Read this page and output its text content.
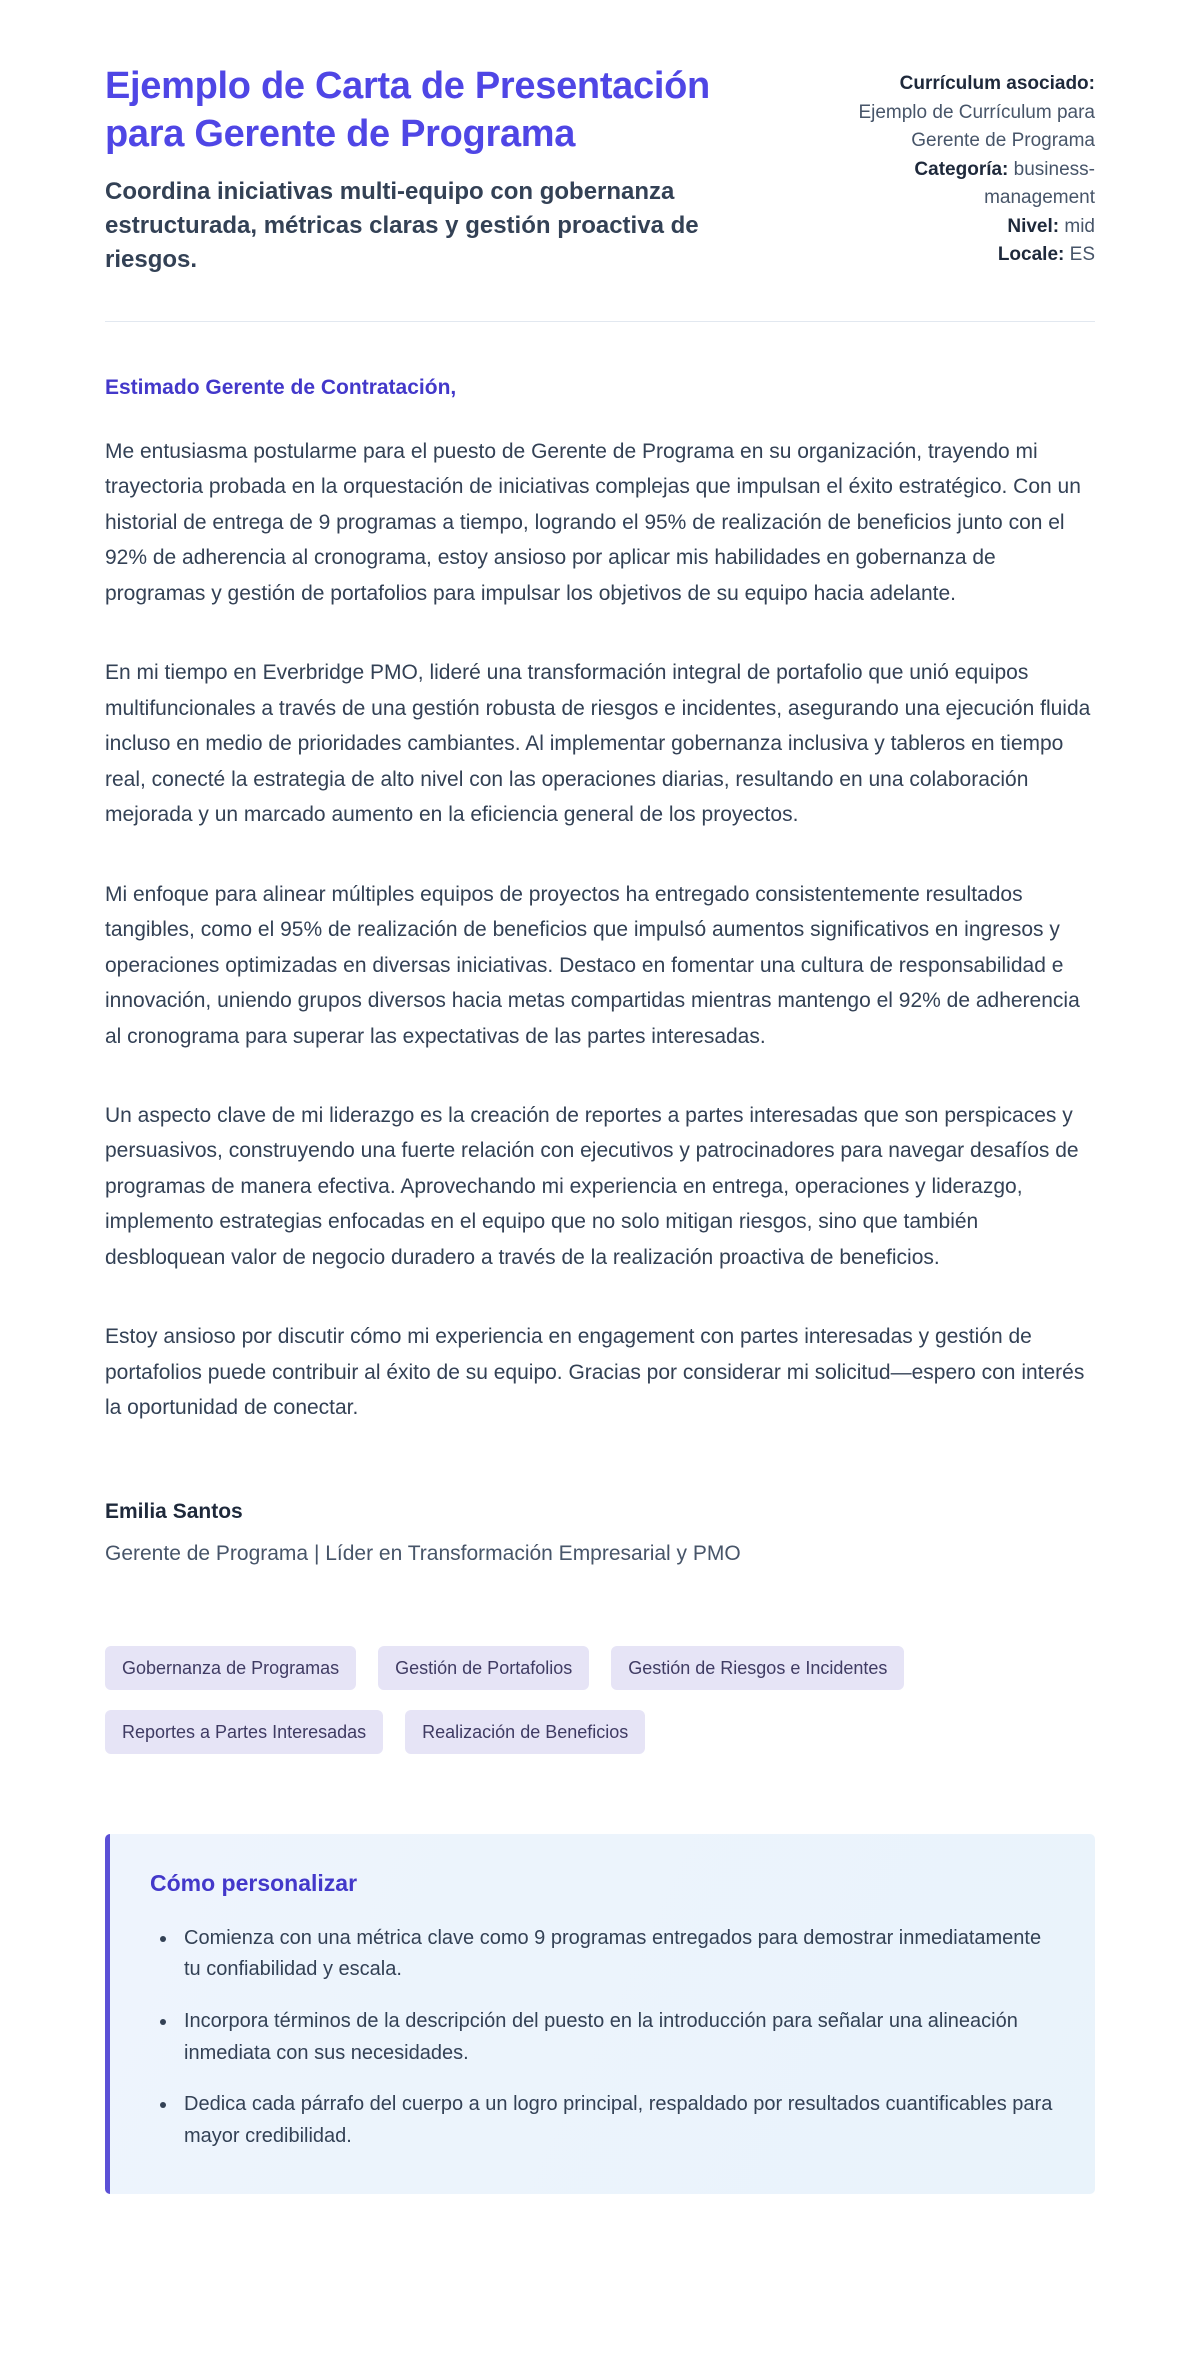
Ejemplo de Carta de Presentación para Gerente de Programa

Coordina iniciativas multi-equipo con gobernanza estructurada, métricas claras y gestión proactiva de riesgos.

Currículum asociado:
Ejemplo de Currículum para Gerente de Programa
Categoría: business-management
Nivel: mid
Locale: ES

Estimado Gerente de Contratación,

Me entusiasma postularme para el puesto de Gerente de Programa en su organización, trayendo mi trayectoria probada en la orquestación de iniciativas complejas que impulsan el éxito estratégico. Con un historial de entrega de 9 programas a tiempo, logrando el 95% de realización de beneficios junto con el 92% de adherencia al cronograma, estoy ansioso por aplicar mis habilidades en gobernanza de programas y gestión de portafolios para impulsar los objetivos de su equipo hacia adelante.

En mi tiempo en Everbridge PMO, lideré una transformación integral de portafolio que unió equipos multifuncionales a través de una gestión robusta de riesgos e incidentes, asegurando una ejecución fluida incluso en medio de prioridades cambiantes. Al implementar gobernanza inclusiva y tableros en tiempo real, conecté la estrategia de alto nivel con las operaciones diarias, resultando en una colaboración mejorada y un marcado aumento en la eficiencia general de los proyectos.

Mi enfoque para alinear múltiples equipos de proyectos ha entregado consistentemente resultados tangibles, como el 95% de realización de beneficios que impulsó aumentos significativos en ingresos y operaciones optimizadas en diversas iniciativas. Destaco en fomentar una cultura de responsabilidad e innovación, uniendo grupos diversos hacia metas compartidas mientras mantengo el 92% de adherencia al cronograma para superar las expectativas de las partes interesadas.

Un aspecto clave de mi liderazgo es la creación de reportes a partes interesadas que son perspicaces y persuasivos, construyendo una fuerte relación con ejecutivos y patrocinadores para navegar desafíos de programas de manera efectiva. Aprovechando mi experiencia en entrega, operaciones y liderazgo, implemento estrategias enfocadas en el equipo que no solo mitigan riesgos, sino que también desbloquean valor de negocio duradero a través de la realización proactiva de beneficios.

Estoy ansioso por discutir cómo mi experiencia en engagement con partes interesadas y gestión de portafolios puede contribuir al éxito de su equipo. Gracias por considerar mi solicitud—espero con interés la oportunidad de conectar.

Emilia Santos

Gerente de Programa | Líder en Transformación Empresarial y PMO

Gobernanza de Programas	Gestión de Portafolios	Gestión de Riesgos e Incidentes
Reportes a Partes Interesadas	Realización de Beneficios
Cómo personalizar
• Comienza con una métrica clave como 9 programas entregados para demostrar inmediatamente tu confiabilidad y escala.
• Incorpora términos de la descripción del puesto en la introducción para señalar una alineación inmediata con sus necesidades.
• Dedica cada párrafo del cuerpo a un logro principal, respaldado por resultados cuantificables para mayor credibilidad.
